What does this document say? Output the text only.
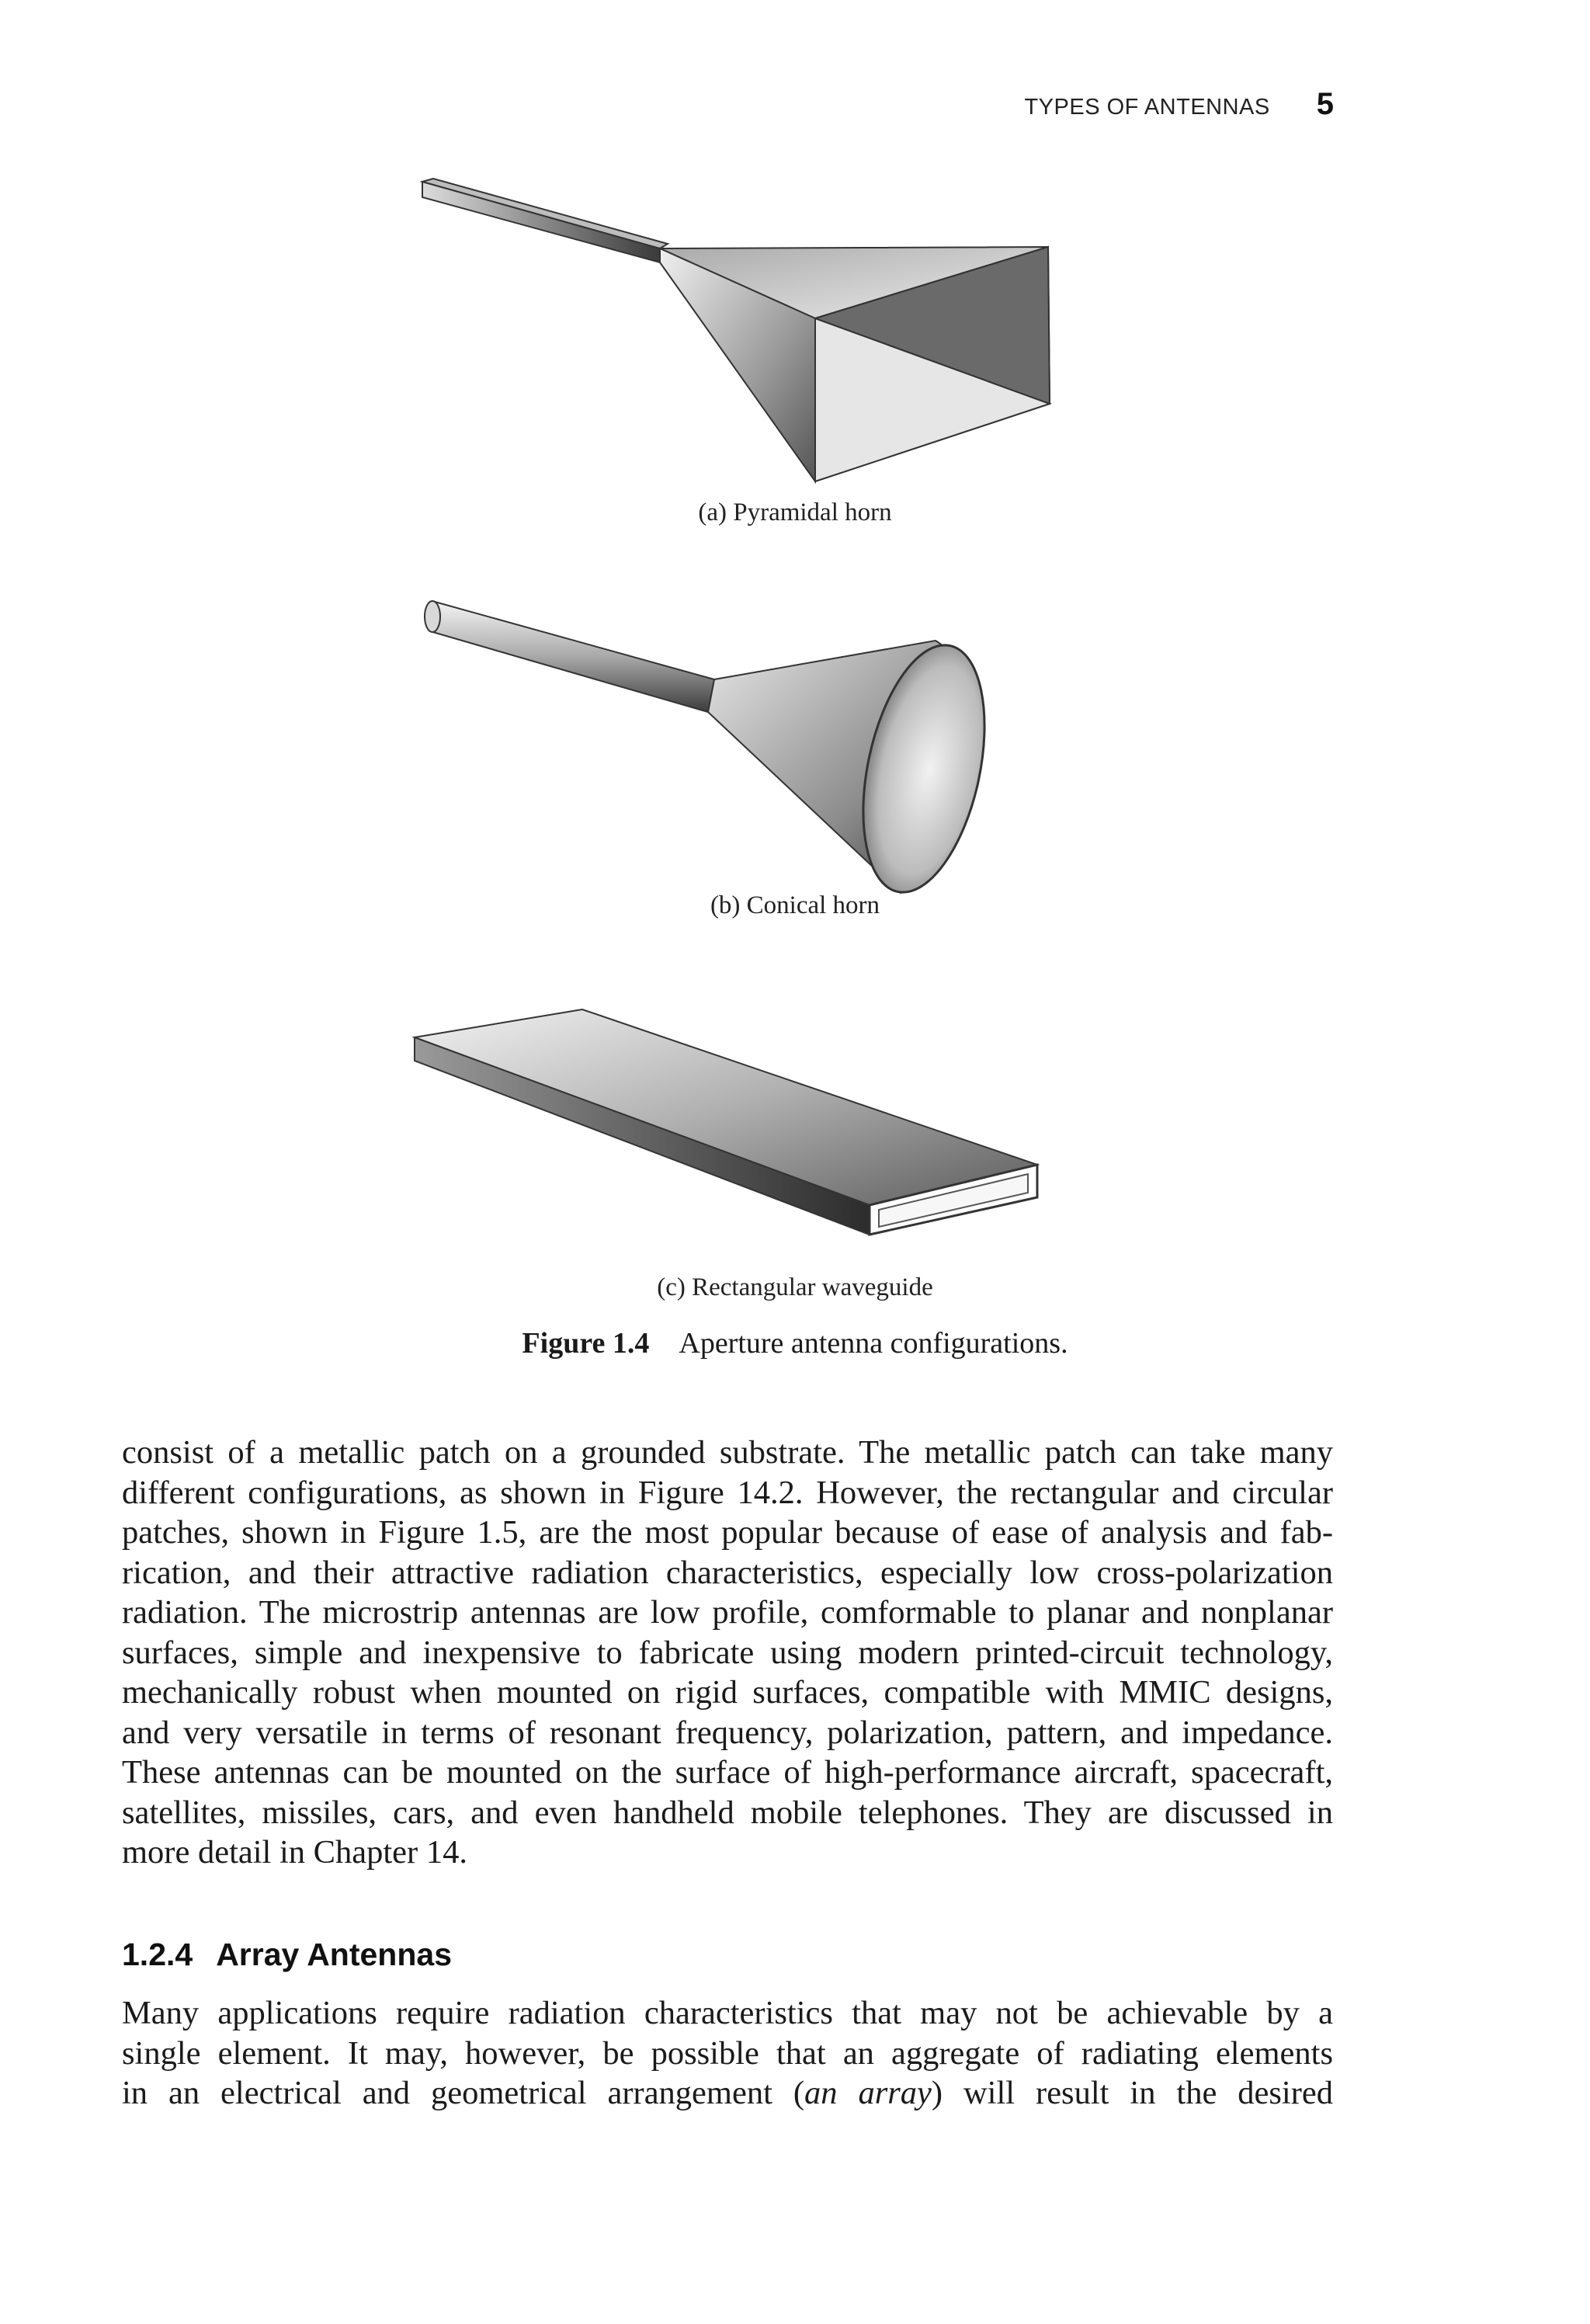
TYPES OF ANTENNAS 5
(a) Pyramidal horn
(b) Conical horn
(c) Rectangular waveguide
Figure 1.4 Aperture antenna configurations.
consist of a metallic patch on a grounded substrate. The metallic patch can take many
different configurations, as shown in Figure 14.2. However, the rectangular and circular
patches, shown in Figure 1.5, are the most popular because of ease of analysis and fab-
rication, and their attractive radiation characteristics, especially low cross-polarization
radiation. The microstrip antennas are low profile, comformable to planar and nonplanar
surfaces, simple and inexpensive to fabricate using modern printed-circuit technology,
mechanically robust when mounted on rigid surfaces, compatible with MMIC designs,
and very versatile in terms of resonant frequency, polarization, pattern, and impedance.
These antennas can be mounted on the surface of high-performance aircraft, spacecraft,
satellites, missiles, cars, and even handheld mobile telephones. They are discussed in
more detail in Chapter 14.
1.2.4 Array Antennas
Many applications require radiation characteristics that may not be achievable by a
single element. It may, however, be possible that an aggregate of radiating elements
in an electrical and geometrical arrangement (an array) will result in the desired
